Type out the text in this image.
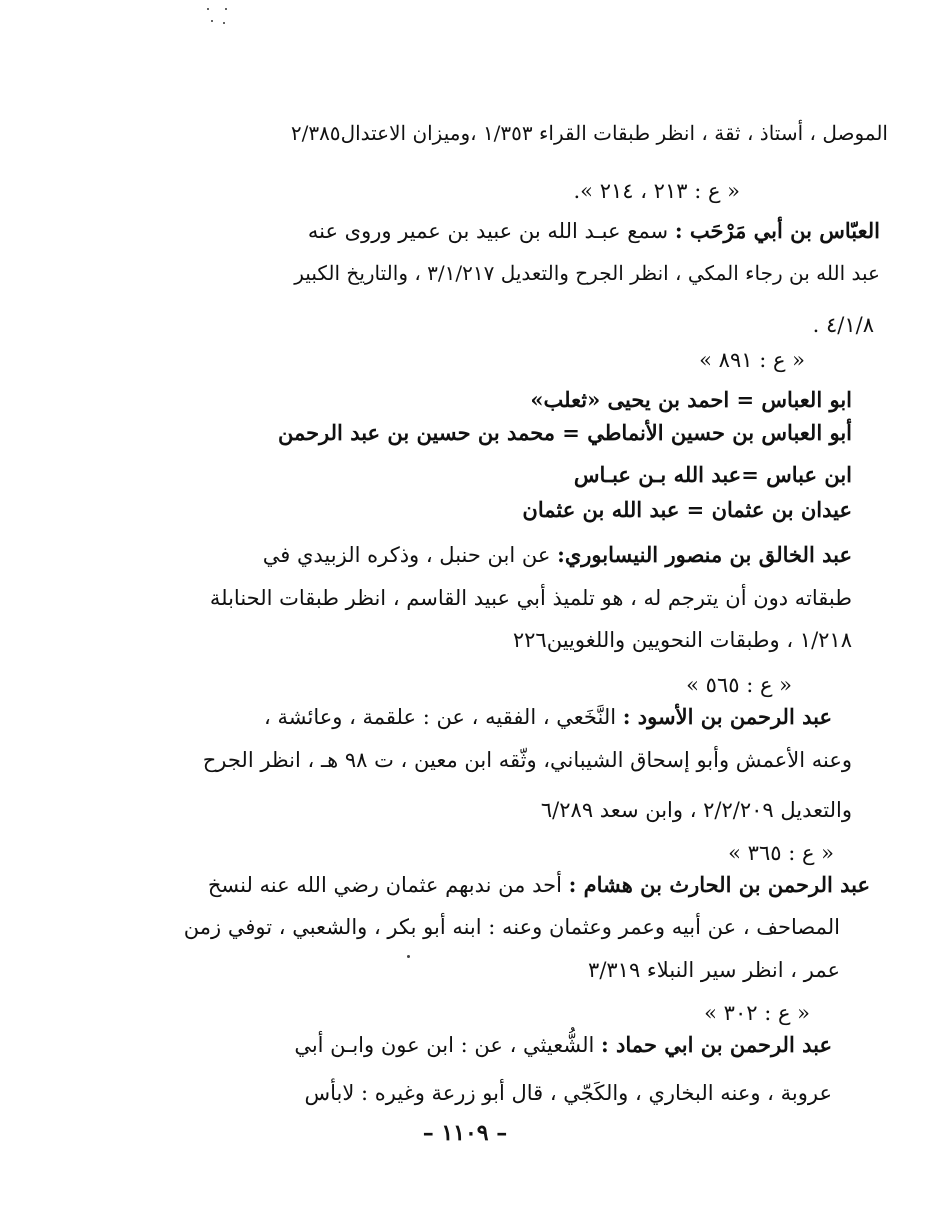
الموصل ، أستاذ ، ثقة ، انظر طبقات القراء ١/٣٥٣ ،وميزان الاعتدال٢/٣٨٥
« ع : ٢١٣ ، ٢١٤ ».
العبّاس بن أبي مَرْحَب : سمع عبـد الله بن عبيد بن عمير وروى عنه
عبد الله بن رجاء المكي ، انظر الجرح والتعديل ٣/١/٢١٧ ، والتاريخ الكبير
٤/١/٨ .
« ع : ٨٩١ »
ابو العباس = احمد بن يحيى «ثعلب»
أبو العباس بن حسين الأنماطي = محمد بن حسين بن عبد الرحمن
ابن عباس =عبد الله بـن عبـاس
عيدان بن عثمان = عبد الله بن عثمان
عبد الخالق بن منصور النيسابوري: عن ابن حنبل ، وذكره الزبيدي في
طبقاته دون أن يترجم له ، هو تلميذ أبي عبيد القاسم ، انظر طبقات الحنابلة
١/٢١٨ ، وطبقات النحويين واللغويين٢٢٦
« ع : ٥٦٥ »
عبد الرحمن بن الأسود : النَّخَعي ، الفقيه ، عن : علقمة ، وعائشة ،
وعنه الأعمش وأبو إسحاق الشيباني، وثّقه ابن معين ، ت ٩٨ هـ ، انظر الجرح
والتعديل ٢/٢/٢٠٩ ، وابن سعد ٦/٢٨٩
« ع : ٣٦٥ »
عبد الرحمن بن الحارث بن هشام : أحد من ندبهم عثمان رضي الله عنه لنسخ
المصاحف ، عن أبيه وعمر وعثمان وعنه : ابنه أبو بكر ، والشعبي ، توفي زمن
عمر ، انظر سير النبلاء ٣/٣١٩
« ع : ٣٠٢ »
عبد الرحمن بن ابي حماد : الشُّعيثي ، عن : ابن عون وابـن أبي
عروبة ، وعنه البخاري ، والكَجّي ، قال أبو زرعة وغيره : لابأس
– ١١٠٩ –
